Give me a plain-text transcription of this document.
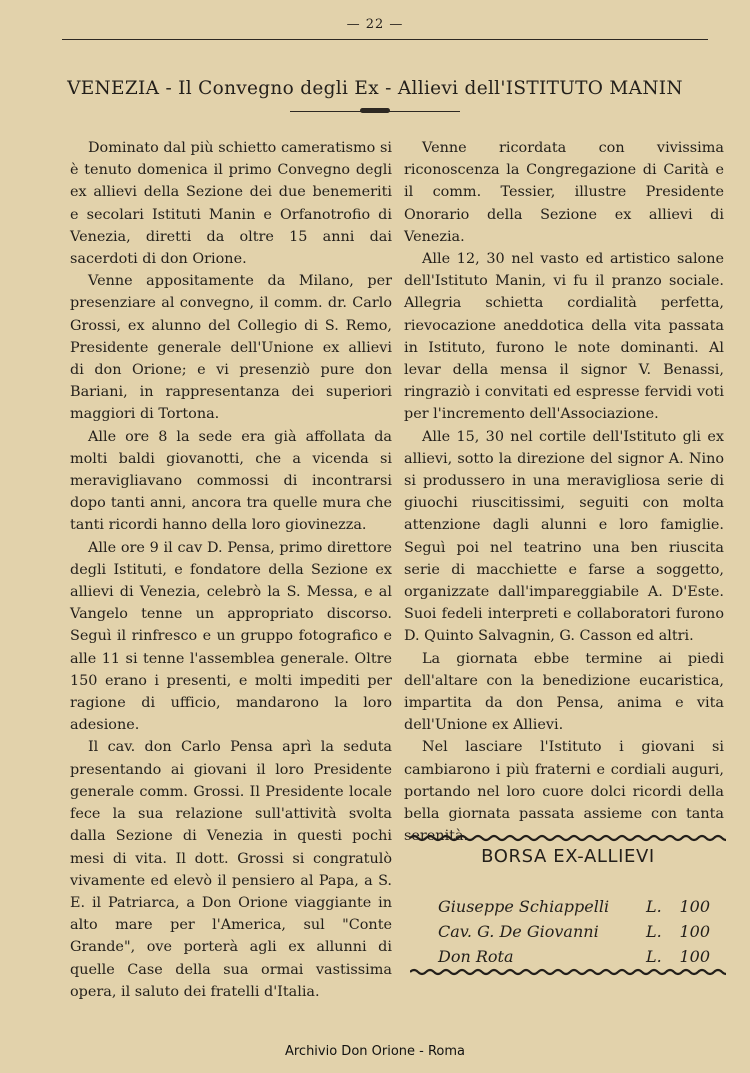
— 22 —
VENEZIA - Il Convegno degli Ex - Allievi dell'ISTITUTO MANIN

Dominato dal più schietto cameratismo si è tenuto domenica il primo Convegno degli ex allievi della Sezione dei due benemeriti e secolari Istituti Manin e Orfanotrofio di Venezia, diretti da oltre 15 anni dai sacerdoti di don Orione.

Venne appositamente da Milano, per presenziare al convegno, il comm. dr. Carlo Grossi, ex alunno del Collegio di S. Remo, Presidente generale dell'Unione ex allievi di don Orione; e vi presenziò pure don Bariani, in rappresentanza dei superiori maggiori di Tortona.

Alle ore 8 la sede era già affollata da molti baldi giovanotti, che a vicenda si meravigliavano commossi di incontrarsi dopo tanti anni, ancora tra quelle mura che tanti ricordi hanno della loro giovinezza.

Alle ore 9 il cav D. Pensa, primo direttore degli Istituti, e fondatore della Sezione ex allievi di Venezia, celebrò la S. Messa, e al Vangelo tenne un appropriato discorso. Seguì il rinfresco e un gruppo fotografico e alle 11 si tenne l'assemblea generale. Oltre 150 erano i presenti, e molti impediti per ragione di ufficio, mandarono la loro adesione.

Il cav. don Carlo Pensa aprì la seduta presentando ai giovani il loro Presidente generale comm. Grossi. Il Presidente locale fece la sua relazione sull'attività svolta dalla Sezione di Venezia in questi pochi mesi di vita. Il dott. Grossi si congratulò vivamente ed elevò il pensiero al Papa, a S. E. il Patriarca, a Don Orione viaggiante in alto mare per l'America, sul "Conte Grande", ove porterà agli ex allunni di quelle Case della sua ormai vastissima opera, il saluto dei fratelli d'Italia.

Venne ricordata con vivissima riconoscenza la Congregazione di Carità e il comm. Tessier, illustre Presidente Onorario della Sezione ex allievi di Venezia.

Alle 12, 30 nel vasto ed artistico salone dell'Istituto Manin, vi fu il pranzo sociale. Allegria schietta cordialità perfetta, rievocazione aneddotica della vita passata in Istituto, furono le note dominanti. Al levar della mensa il signor V. Benassi, ringraziò i convitati ed espresse fervidi voti per l'incremento dell'Associazione.

Alle 15, 30 nel cortile dell'Istituto gli ex allievi, sotto la direzione del signor A. Nino si produssero in una meravigliosa serie di giuochi riuscitissimi, seguiti con molta attenzione dagli alunni e loro famiglie. Seguì poi nel teatrino una ben riuscita serie di macchiette e farse a soggetto, organizzate dall'impareggiabile A. D'Este. Suoi fedeli interpreti e collaboratori furono D. Quinto Salvagnin, G. Casson ed altri.

La giornata ebbe termine ai piedi dell'altare con la benedizione eucaristica, impartita da don Pensa, anima e vita dell'Unione ex Allievi.

Nel lasciare l'Istituto i giovani si cambiarono i più fraterni e cordiali auguri, portando nel loro cuore dolci ricordi della bella giornata passata assieme con tanta serenità.

BORSA EX-ALLIEVI
Giuseppe Schiappelli L. 100
Cav. G. De Giovanni	L. 100
Don Rota	L. 100
Archivio Don Orione - Roma
